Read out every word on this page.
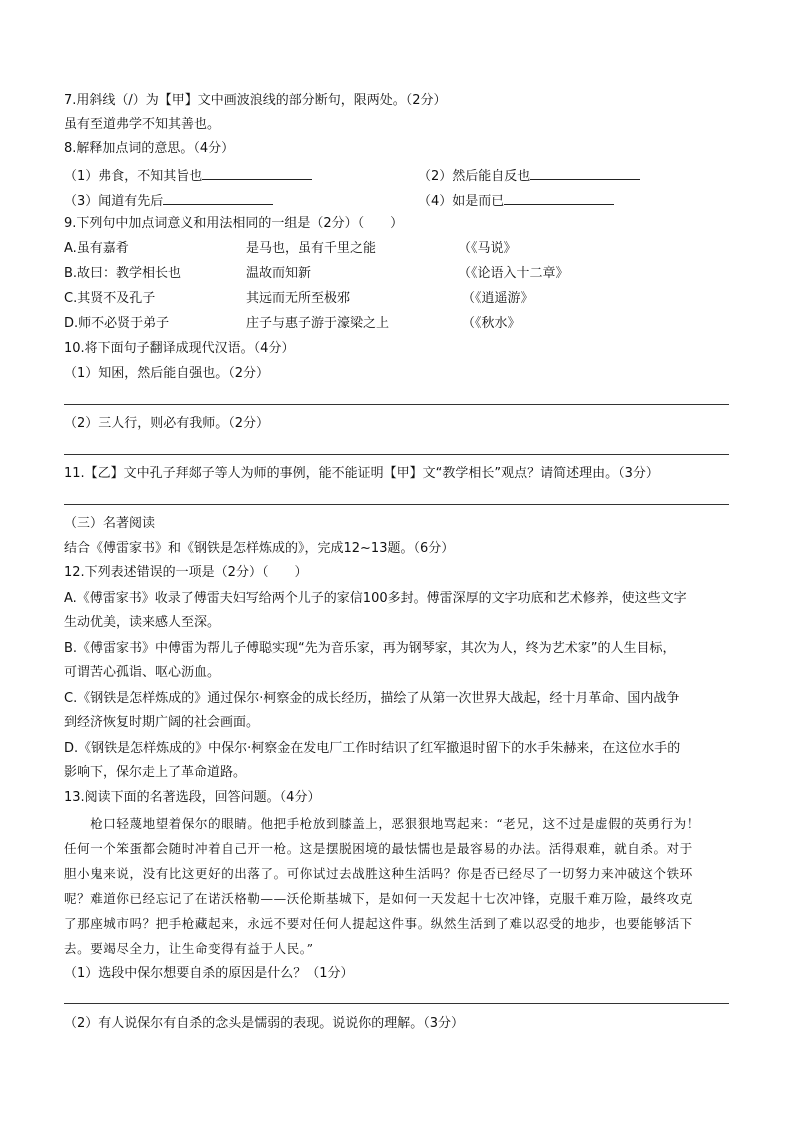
7.用斜线（/）为【甲】文中画波浪线的部分断句，限两处。（2分）
虽有至道弗学不知其善也。
8.解释加点词的意思。（4分）
（1）弗食，不知其旨也	（2）然后能自反也
（3）闻道有先后	（4）如是而已
9.下列句中加点词意义和用法相同的一组是（2分）（　　）
A.虽有嘉肴	是马也，虽有千里之能	（《马说》
B.故曰：教学相长也	温故而知新	（《论语入十二章》
C.其贤不及孔子	其远而无所至极邪	（《逍遥游》
D.师不必贤于弟子	庄子与惠子游于濠梁之上	（《秋水》
10.将下面句子翻译成现代汉语。（4分）
（1）知困，然后能自强也。（2分）
（2）三人行，则必有我师。（2分）
11.【乙】文中孔子拜郯子等人为师的事例，能不能证明【甲】文“教学相长”观点？请简述理由。（3分）
（三）名著阅读
结合《傅雷家书》和《钢铁是怎样炼成的》，完成12~13题。（6分）
12.下列表述错误的一项是（2分）（　　）
A.《傅雷家书》收录了傅雷夫妇写给两个儿子的家信100多封。傅雷深厚的文字功底和艺术修养，使这些文字
生动优美，读来感人至深。
B.《傅雷家书》中傅雷为帮儿子傅聪实现“先为音乐家，再为钢琴家，其次为人，终为艺术家”的人生目标，
可谓苦心孤诣、呕心沥血。
C.《钢铁是怎样炼成的》通过保尔·柯察金的成长经历，描绘了从第一次世界大战起，经十月革命、国内战争
到经济恢复时期广阔的社会画面。
D.《钢铁是怎样炼成的》中保尔·柯察金在发电厂工作时结识了红军撤退时留下的水手朱赫来，在这位水手的
影响下，保尔走上了革命道路。
13.阅读下面的名著选段，回答问题。（4分）
　　枪口轻蔑地望着保尔的眼睛。他把手枪放到膝盖上，恶狠狠地骂起来：“老兄，这不过是虚假的英勇行为！
任何一个笨蛋都会随时冲着自己开一枪。这是摆脱困境的最怯懦也是最容易的办法。活得艰难，就自杀。对于
胆小鬼来说，没有比这更好的出落了。可你试过去战胜这种生活吗？你是否已经尽了一切努力来冲破这个铁环
呢？难道你已经忘记了在诺沃格勒——沃伦斯基城下，是如何一天发起十七次冲锋，克服千难万险，最终攻克
了那座城市吗？把手枪藏起来，永远不要对任何人提起这件事。纵然生活到了难以忍受的地步，也要能够活下
去。要竭尽全力，让生命变得有益于人民。”
（1）选段中保尔想要自杀的原因是什么？（1分）
（2）有人说保尔有自杀的念头是懦弱的表现。说说你的理解。（3分）
